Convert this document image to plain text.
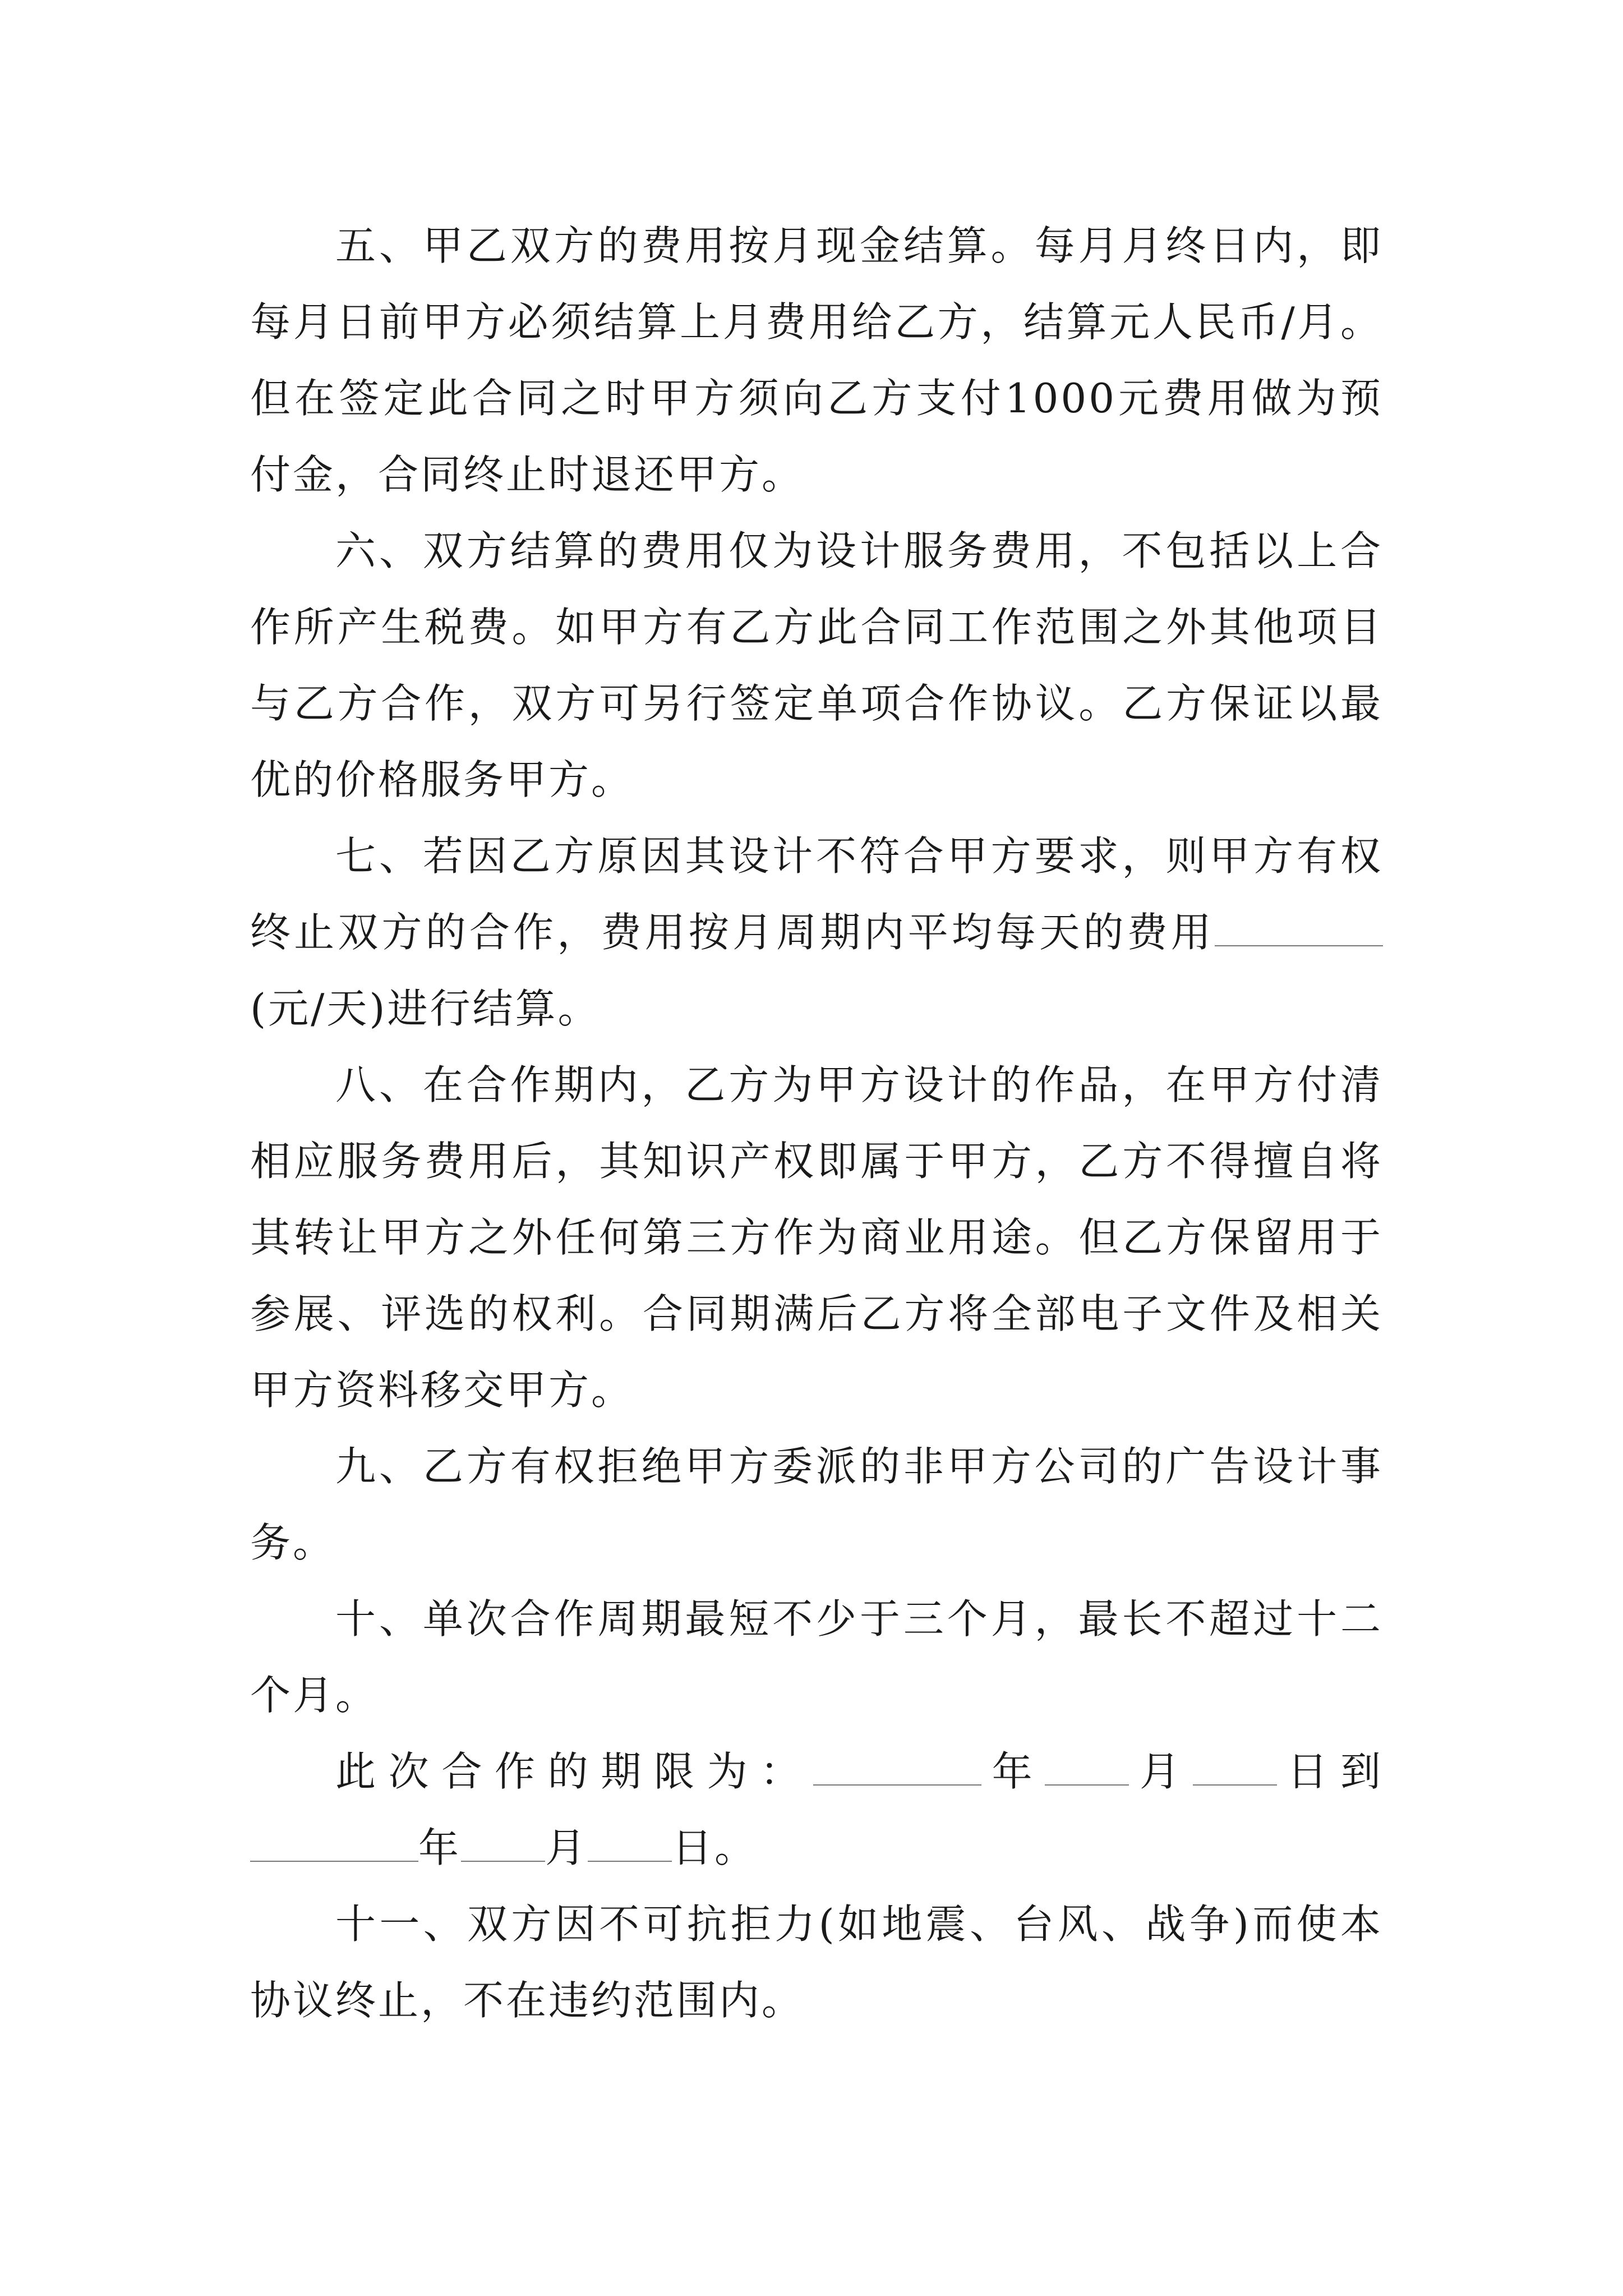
五、甲乙双方的费用按月现金结算。每月月终日内，即每月日前甲方必须结算上月费用给乙方，结算元人民币/月。但在签定此合同之时甲方须向乙方支付1000元费用做为预付金，合同终止时退还甲方。

六、双方结算的费用仅为设计服务费用，不包括以上合作所产生税费。如甲方有乙方此合同工作范围之外其他项目与乙方合作，双方可另行签定单项合作协议。乙方保证以最优的价格服务甲方。

七、若因乙方原因其设计不符合甲方要求，则甲方有权终止双方的合作，费用按月周期内平均每天的费用(元/天)进行结算。

八、在合作期内，乙方为甲方设计的作品，在甲方付清相应服务费用后，其知识产权即属于甲方，乙方不得擅自将其转让甲方之外任何第三方作为商业用途。但乙方保留用于参展、评选的权利。合同期满后乙方将全部电子文件及相关甲方资料移交甲方。

九、乙方有权拒绝甲方委派的非甲方公司的广告设计事务。

十、单次合作周期最短不少于三个月，最长不超过十二个月。

此次合作的期限为：	年 月 日到年 月 日。

十一、双方因不可抗拒力(如地震、台风、战争)而使本协议终止，不在违约范围内。
